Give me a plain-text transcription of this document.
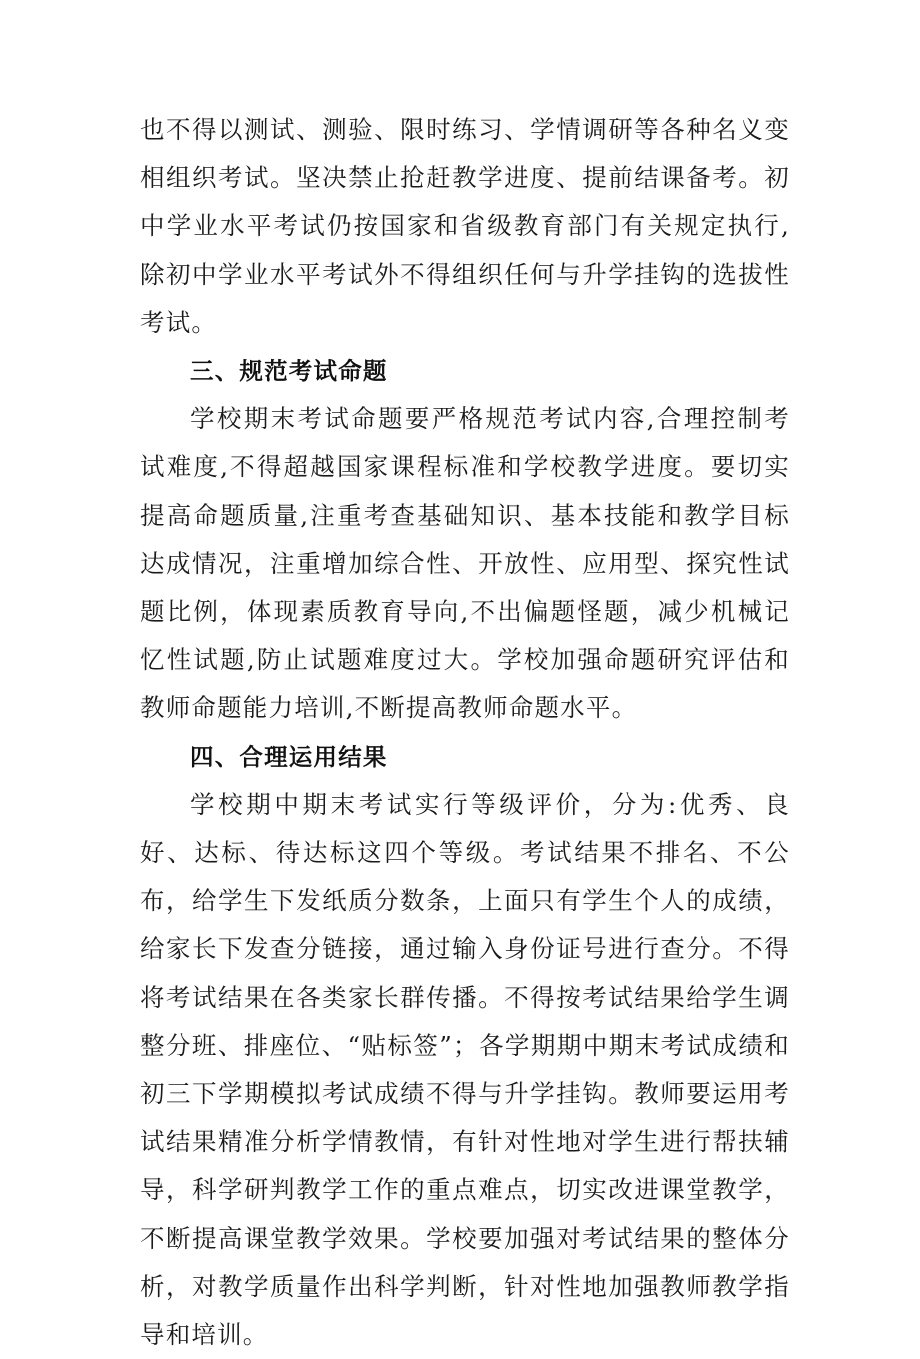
也不得以测试、测验、限时练习、学情调研等各种名义变相组织考试。坚决禁止抢赶教学进度、提前结课备考。初中学业水平考试仍按国家和省级教育部门有关规定执行,除初中学业水平考试外不得组织任何与升学挂钩的选拔性考试。

三、规范考试命题

学校期末考试命题要严格规范考试内容,合理控制考试难度,不得超越国家课程标准和学校教学进度。要切实提高命题质量,注重考查基础知识、基本技能和教学目标达成情况，注重增加综合性、开放性、应用型、探究性试题比例，体现素质教育导向,不出偏题怪题，减少机械记忆性试题,防止试题难度过大。学校加强命题研究评估和教师命题能力培训,不断提高教师命题水平。

四、合理运用结果

学校期中期末考试实行等级评价，分为:优秀、良好、达标、待达标这四个等级。考试结果不排名、不公布，给学生下发纸质分数条，上面只有学生个人的成绩，给家长下发查分链接，通过输入身份证号进行查分。不得将考试结果在各类家长群传播。不得按考试结果给学生调整分班、排座位、“贴标签”；各学期期中期末考试成绩和初三下学期模拟考试成绩不得与升学挂钩。教师要运用考试结果精准分析学情教情，有针对性地对学生进行帮扶辅导，科学研判教学工作的重点难点，切实改进课堂教学，不断提高课堂教学效果。学校要加强对考试结果的整体分析，对教学质量作出科学判断，针对性地加强教师教学指导和培训。
